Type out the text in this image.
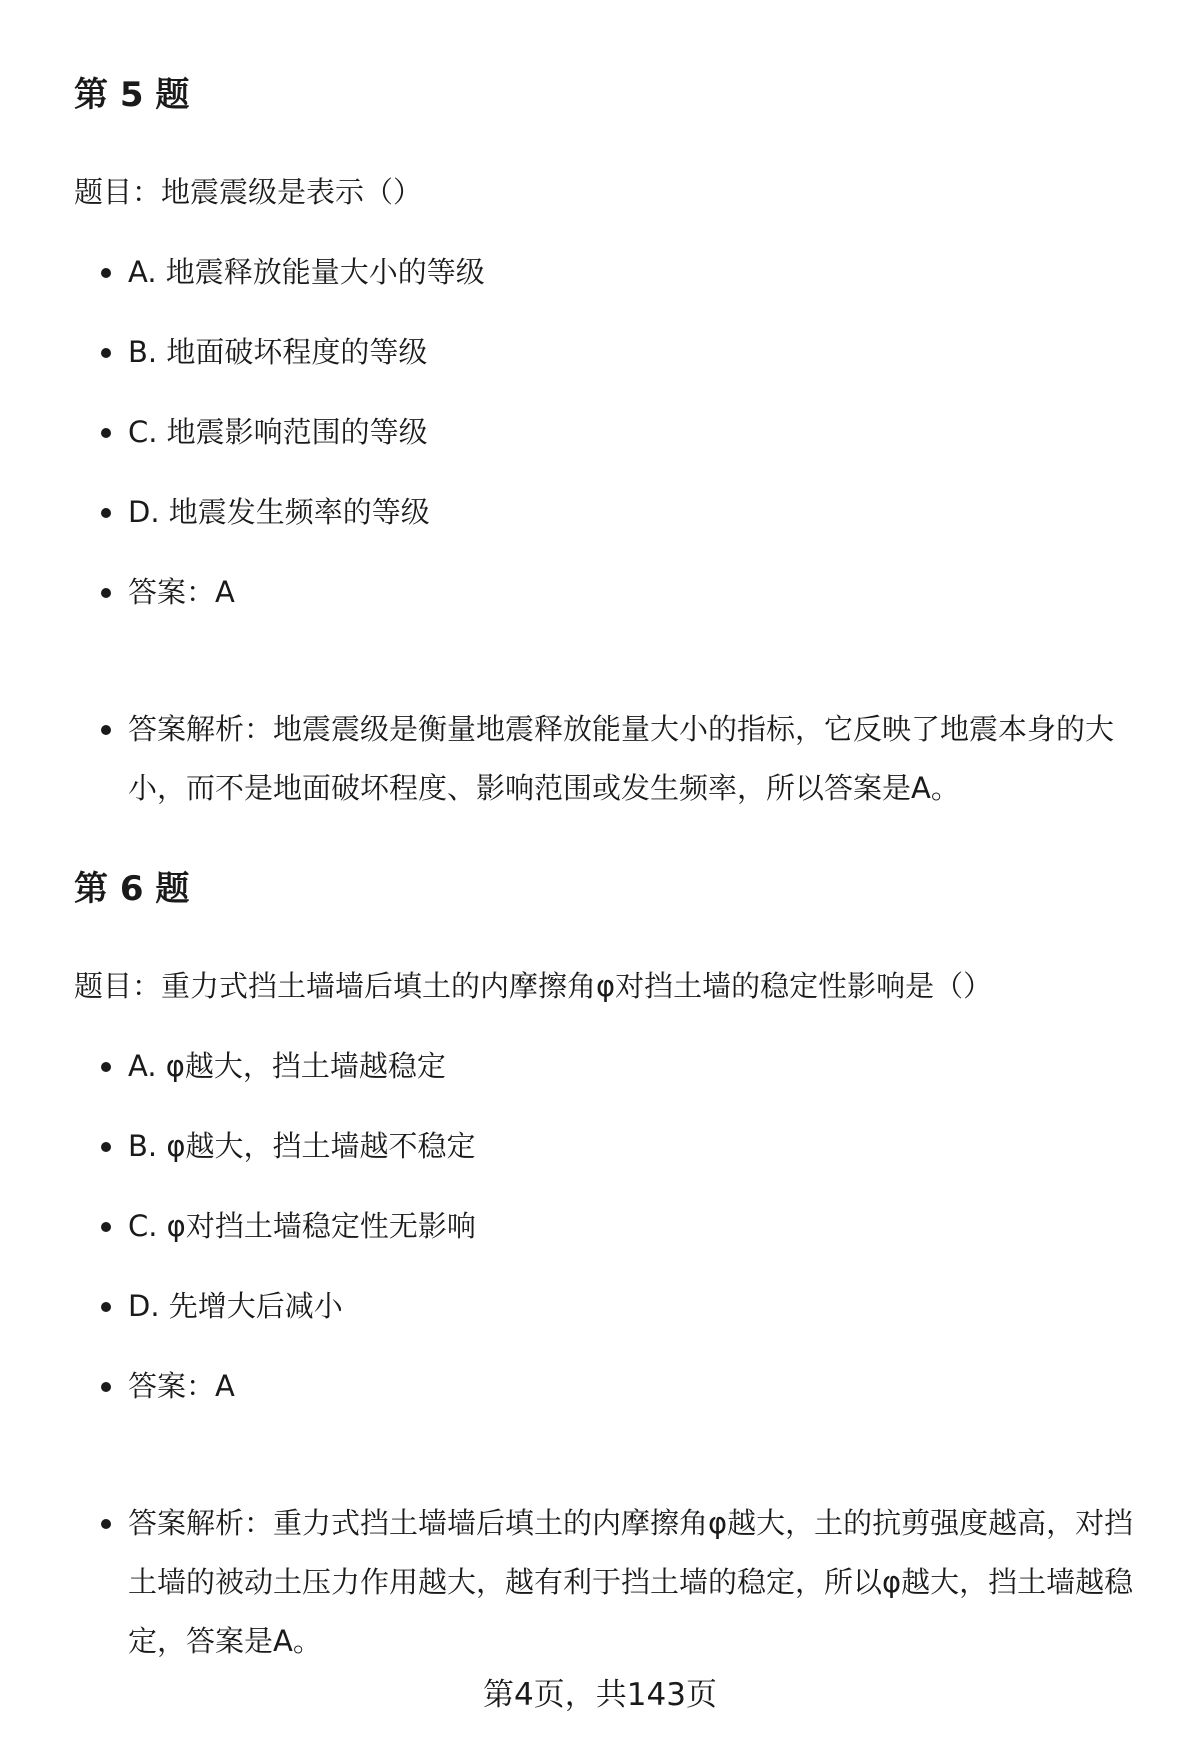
第 5 题

题目：地震震级是表示（）

A. 地震释放能量大小的等级
B. 地面破坏程度的等级
C. 地震影响范围的等级
D. 地震发生频率的等级
答案：A
答案解析：地震震级是衡量地震释放能量大小的指标，它反映了地震本身的大小，而不是地面破坏程度、影响范围或发生频率，所以答案是A。
第 6 题

题目：重力式挡土墙墙后填土的内摩擦角φ对挡土墙的稳定性影响是（）

A. φ越大，挡土墙越稳定
B. φ越大，挡土墙越不稳定
C. φ对挡土墙稳定性无影响
D. 先增大后减小
答案：A
答案解析：重力式挡土墙墙后填土的内摩擦角φ越大，土的抗剪强度越高，对挡土墙的被动土压力作用越大，越有利于挡土墙的稳定，所以φ越大，挡土墙越稳定，答案是A。
第4页，共143页
